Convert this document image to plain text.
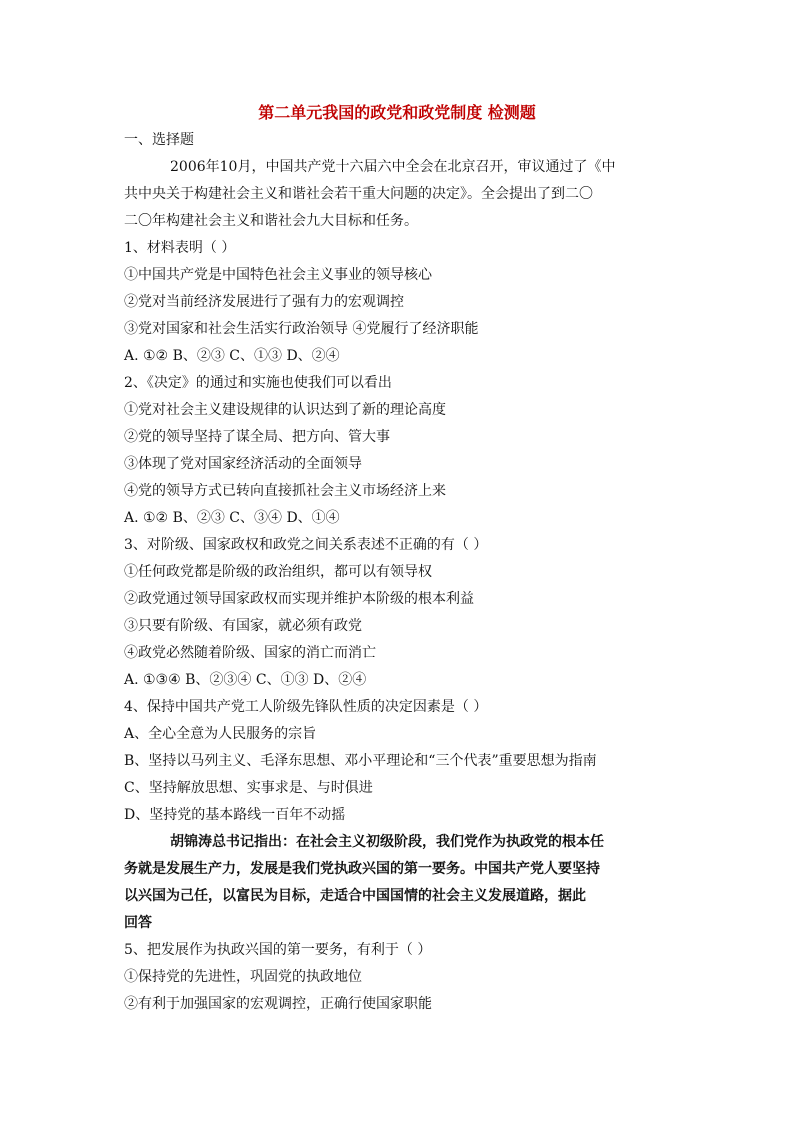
第二单元我国的政党和政党制度 检测题
一、选择题
2006年10月，中国共产党十六届六中全会在北京召开，审议通过了《中
共中央关于构建社会主义和谐社会若干重大问题的决定》。全会提出了到二〇
二〇年构建社会主义和谐社会九大目标和任务。
1、材料表明（ ）
①中国共产党是中国特色社会主义事业的领导核心
②党对当前经济发展进行了强有力的宏观调控
③党对国家和社会生活实行政治领导 ④党履行了经济职能
A. ①② B、②③ C、①③ D、②④
2、《决定》的通过和实施也使我们可以看出
①党对社会主义建设规律的认识达到了新的理论高度
②党的领导坚持了谋全局、把方向、管大事
③体现了党对国家经济活动的全面领导
④党的领导方式已转向直接抓社会主义市场经济上来
A. ①② B、②③ C、③④ D、①④
3、对阶级、国家政权和政党之间关系表述不正确的有（ ）
①任何政党都是阶级的政治组织，都可以有领导权
②政党通过领导国家政权而实现并维护本阶级的根本利益
③只要有阶级、有国家，就必须有政党
④政党必然随着阶级、国家的消亡而消亡
A. ①③④ B、②③④ C、①③ D、②④
4、保持中国共产党工人阶级先锋队性质的决定因素是（ ）
A、全心全意为人民服务的宗旨
B、坚持以马列主义、毛泽东思想、邓小平理论和“三个代表”重要思想为指南
C、坚持解放思想、实事求是、与时俱进
D、坚持党的基本路线一百年不动摇
胡锦涛总书记指出：在社会主义初级阶段，我们党作为执政党的根本任
务就是发展生产力，发展是我们党执政兴国的第一要务。中国共产党人要坚持
以兴国为己任，以富民为目标，走适合中国国情的社会主义发展道路，据此
回答
5、把发展作为执政兴国的第一要务，有利于（ ）
①保持党的先进性，巩固党的执政地位
②有利于加强国家的宏观调控，正确行使国家职能
